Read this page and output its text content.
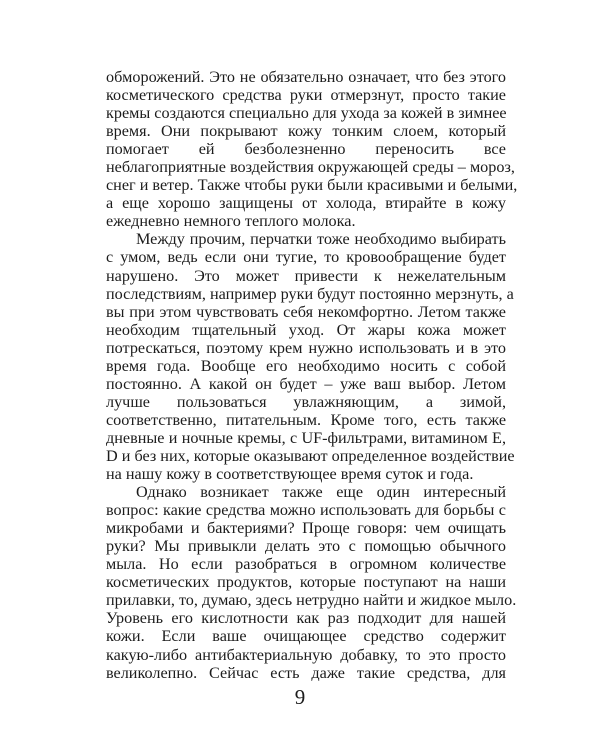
обморожений. Это не обязательно означает, что без этого
косметического средства руки отмерзнут, просто такие
кремы создаются специально для ухода за кожей в зимнее
время. Они покрывают кожу тонким слоем, который
помогает ей безболезненно переносить все
неблагоприятные воздействия окружающей среды – мороз,
снег и ветер. Также чтобы руки были красивыми и белыми,
а еще хорошо защищены от холода, втирайте в кожу
ежедневно немного теплого молока.
Между прочим, перчатки тоже необходимо выбирать
с умом, ведь если они тугие, то кровообращение будет
нарушено. Это может привести к нежелательным
последствиям, например руки будут постоянно мерзнуть, а
вы при этом чувствовать себя некомфортно. Летом также
необходим тщательный уход. От жары кожа может
потрескаться, поэтому крем нужно использовать и в это
время года. Вообще его необходимо носить с собой
постоянно. А какой он будет – уже ваш выбор. Летом
лучше пользоваться увлажняющим, а зимой,
соответственно, питательным. Кроме того, есть также
дневные и ночные кремы, с UF-фильтрами, витамином E,
D и без них, которые оказывают определенное воздействие
на нашу кожу в соответствующее время суток и года.
Однако возникает также еще один интересный
вопрос: какие средства можно использовать для борьбы с
микробами и бактериями? Проще говоря: чем очищать
руки? Мы привыкли делать это с помощью обычного
мыла. Но если разобраться в огромном количестве
косметических продуктов, которые поступают на наши
прилавки, то, думаю, здесь нетрудно найти и жидкое мыло.
Уровень его кислотности как раз подходит для нашей
кожи. Если ваше очищающее средство содержит
какую-либо антибактериальную добавку, то это просто
великолепно. Сейчас есть даже такие средства, для
9
